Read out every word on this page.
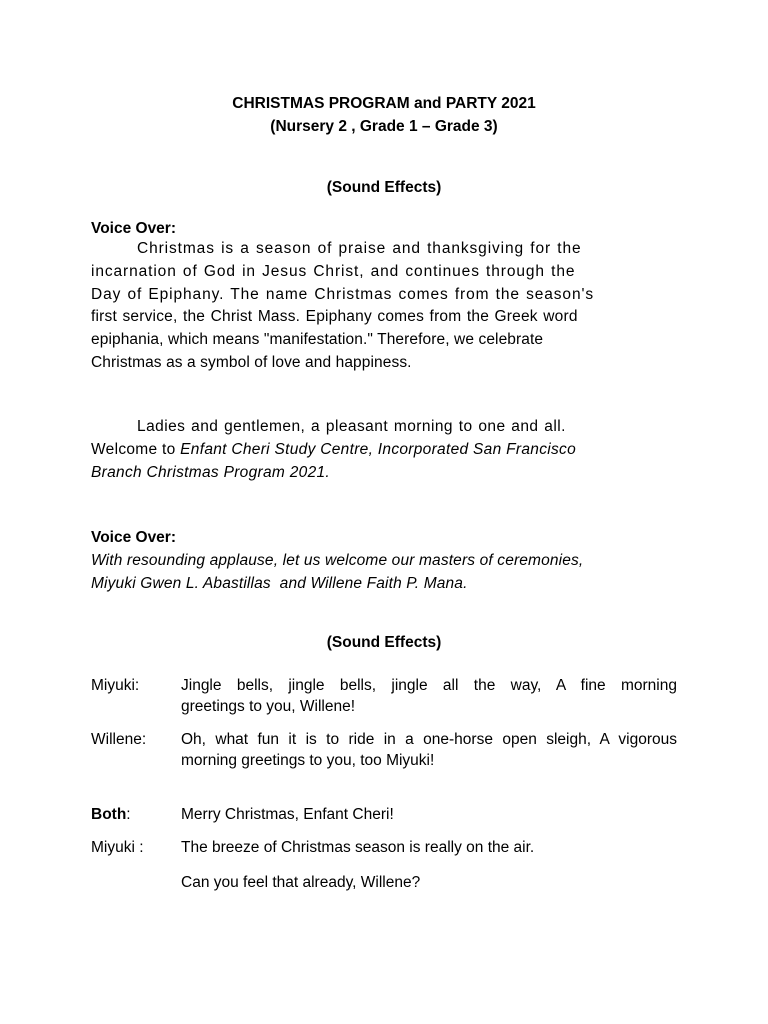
CHRISTMAS PROGRAM and PARTY 2021

(Nursery 2 , Grade 1 – Grade 3)

(Sound Effects)

Voice Over:

Christmas is a season of praise and thanksgiving for the
incarnation of God in Jesus Christ, and continues through the
Day of Epiphany. The name Christmas comes from the season's
first service, the Christ Mass. Epiphany comes from the Greek word
epiphania, which means "manifestation." Therefore, we celebrate
Christmas as a symbol of love and happiness.
Ladies and gentlemen, a pleasant morning to one and all.
Welcome to Enfant Cheri Study Centre, Incorporated San Francisco
Branch Christmas Program 2021.

Voice Over:

With resounding applause, let us welcome our masters of ceremonies,
Miyuki Gwen L. Abastillas  and Willene Faith P. Mana.

(Sound Effects)

Miyuki:	Jingle bells, jingle bells, jingle all the way, A fine morning
greetings to you, Willene!
Willene: Oh, what fun it is to ride in a one-horse open sleigh, A vigorous
morning greetings to you, too Miyuki!
Both:	Merry Christmas, Enfant Cheri!
Miyuki : The breeze of Christmas season is really on the air.
Can you feel that already, Willene?
